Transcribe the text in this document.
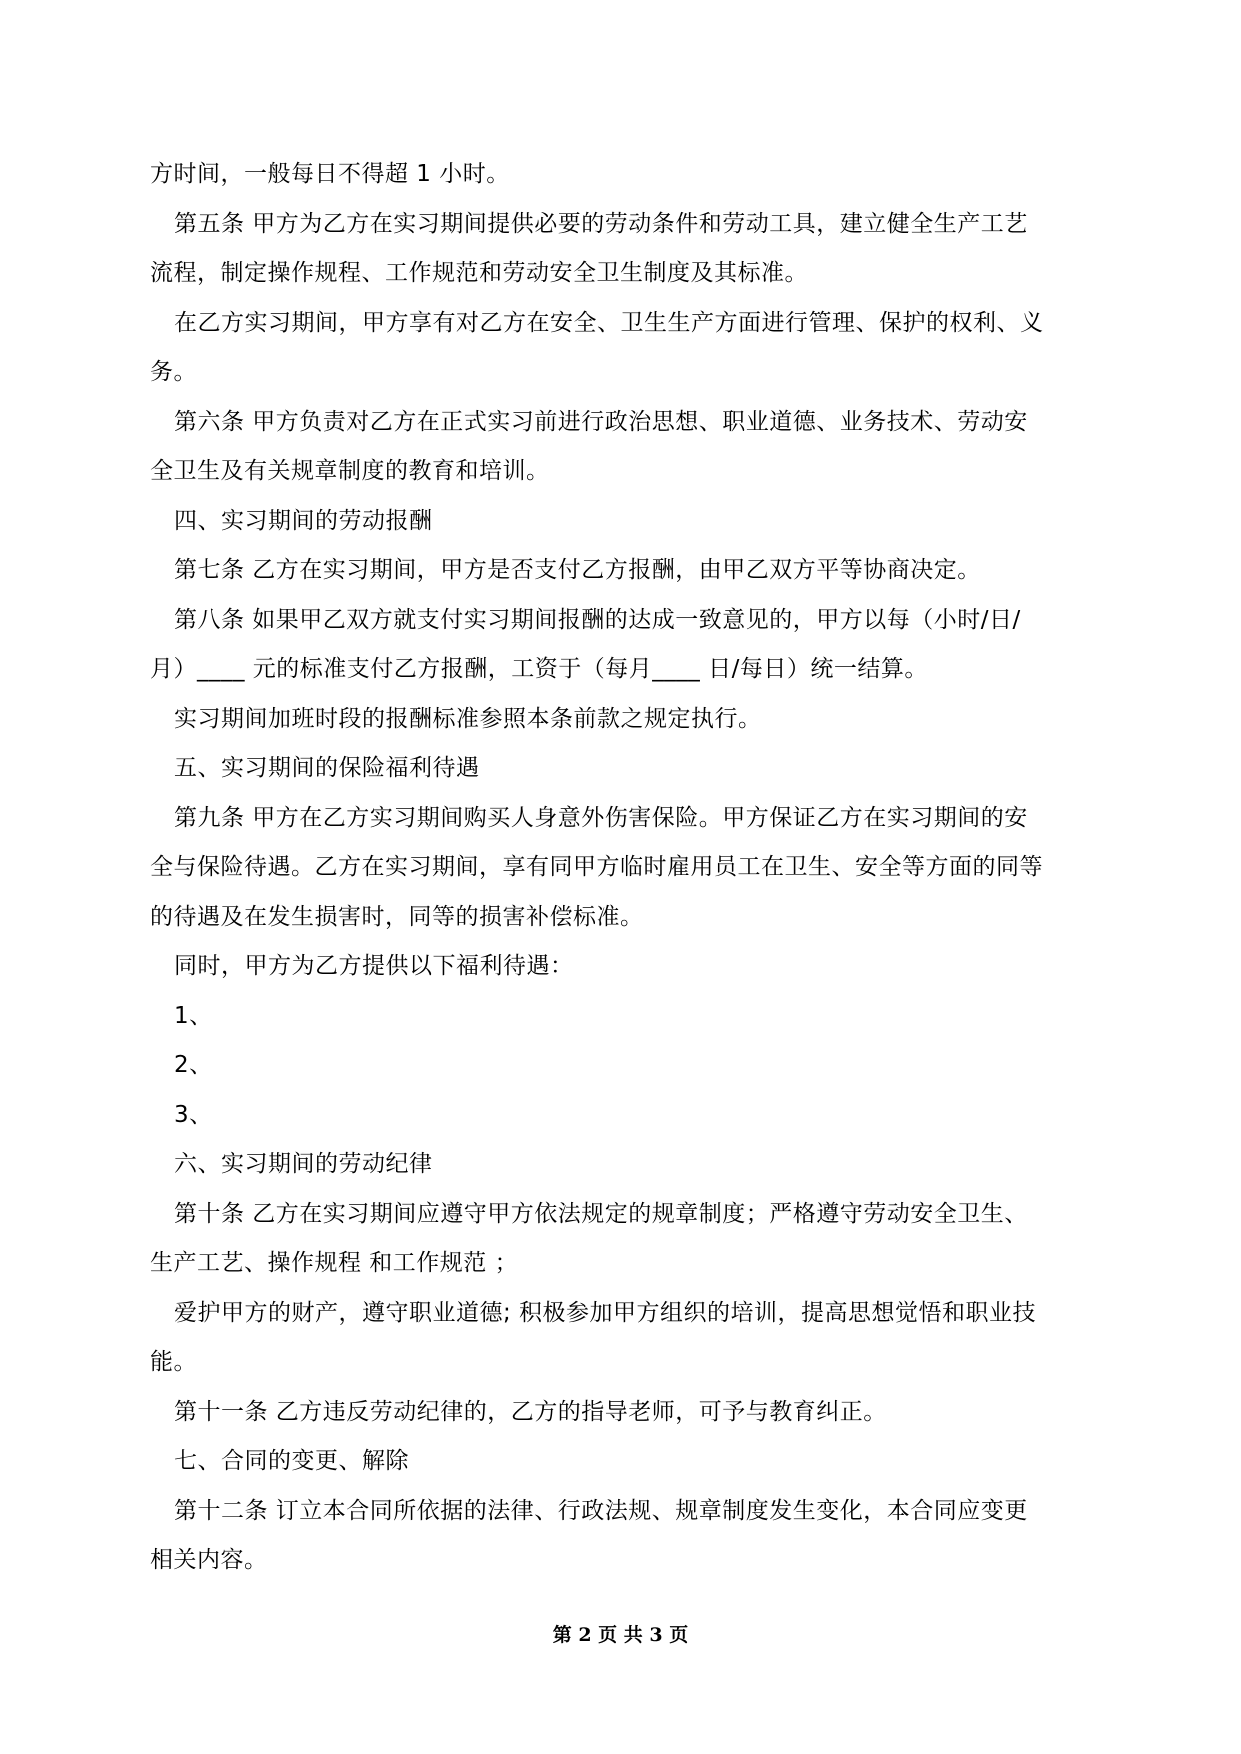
方时间，一般每日不得超 1 小时。
第五条 甲方为乙方在实习期间提供必要的劳动条件和劳动工具，建立健全生产工艺
流程，制定操作规程、工作规范和劳动安全卫生制度及其标准。
在乙方实习期间，甲方享有对乙方在安全、卫生生产方面进行管理、保护的权利、义
务。
第六条 甲方负责对乙方在正式实习前进行政治思想、职业道德、业务技术、劳动安
全卫生及有关规章制度的教育和培训。
四、实习期间的劳动报酬
第七条 乙方在实习期间，甲方是否支付乙方报酬，由甲乙双方平等协商决定。
第八条 如果甲乙双方就支付实习期间报酬的达成一致意见的，甲方以每（小时/日/
月）____ 元的标准支付乙方报酬，工资于（每月____ 日/每日）统一结算。
实习期间加班时段的报酬标准参照本条前款之规定执行。
五、实习期间的保险福利待遇
第九条 甲方在乙方实习期间购买人身意外伤害保险。甲方保证乙方在实习期间的安
全与保险待遇。乙方在实习期间，享有同甲方临时雇用员工在卫生、安全等方面的同等
的待遇及在发生损害时，同等的损害补偿标准。
同时，甲方为乙方提供以下福利待遇：
1、
2、
3、
六、实习期间的劳动纪律
第十条 乙方在实习期间应遵守甲方依法规定的规章制度；严格遵守劳动安全卫生、
生产工艺、操作规程 和工作规范 ；
爱护甲方的财产，遵守职业道德; 积极参加甲方组织的培训，提高思想觉悟和职业技
能。
第十一条 乙方违反劳动纪律的，乙方的指导老师，可予与教育纠正。
七、合同的变更、解除
第十二条 订立本合同所依据的法律、行政法规、规章制度发生变化，本合同应变更
相关内容。
第 2 页 共 3 页
